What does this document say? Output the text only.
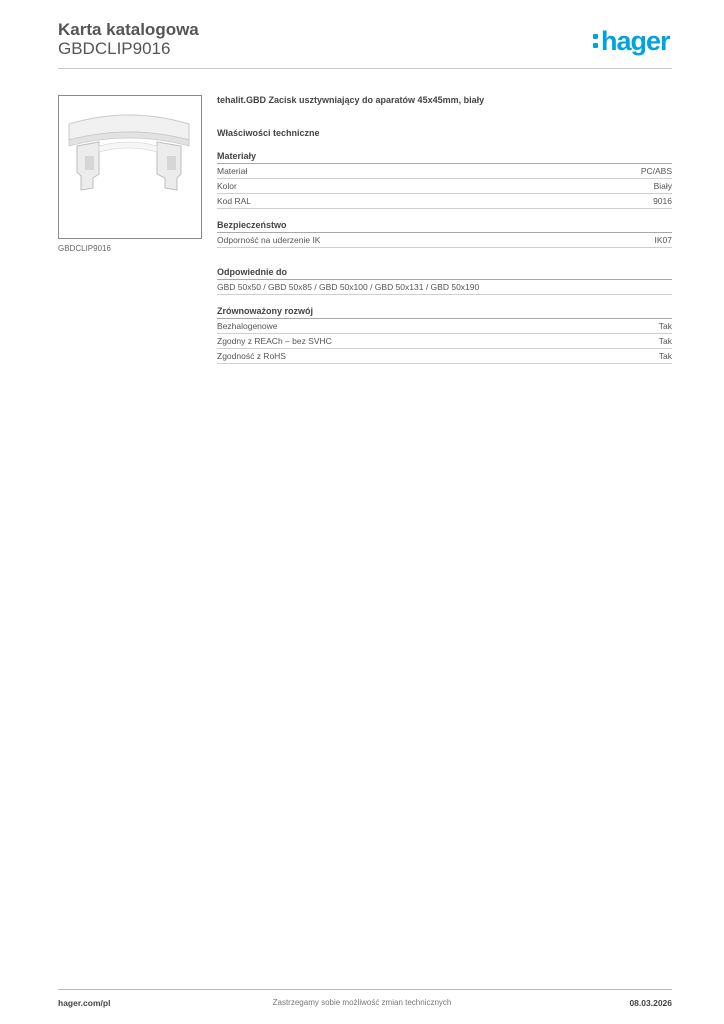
Karta katalogowa
GBDCLIP9016	hager
GBDCLIP9016
tehalit.GBD Zacisk usztywniający do aparatów 45x45mm, biały
Właściwości techniczne
Materiały
Materiał	PC/ABS
Kolor	Biały
Kod RAL	9016
Bezpieczeństwo
Odporność na uderzenie IK	IK07
Odpowiednie do
GBD 50x50 / GBD 50x85 / GBD 50x100 / GBD 50x131 / GBD 50x190
Zrównoważony rozwój
Bezhalogenowe	Tak
Zgodny z REACh – bez SVHC	Tak
Zgodność z RoHS	Tak
hager.com/pl	Zastrzegamy sobie możliwość zmian technicznych	08.03.2026
